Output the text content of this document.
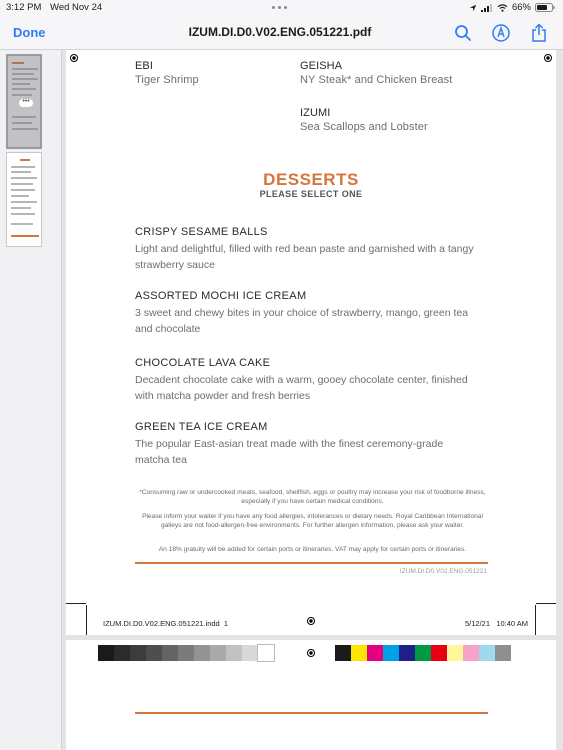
3:12 PM Wed Nov 24	66%
Done	IZUM.DI.D0.V02.ENG.051221.pdf
•••
EBI
Tiger Shrimp
GEISHA
NY Steak* and Chicken Breast
IZUMI
Sea Scallops and Lobster
DESSERTS
PLEASE SELECT ONE
CRISPY SESAME BALLS
Light and delightful, filled with red bean paste and garnished with a tangy strawberry sauce
ASSORTED MOCHI ICE CREAM
3 sweet and chewy bites in your choice of strawberry, mango, green tea and chocolate
CHOCOLATE LAVA CAKE
Decadent chocolate cake with a warm, gooey chocolate center, finished with matcha powder and fresh berries
GREEN TEA ICE CREAM
The popular East-asian treat made with the finest ceremony-grade matcha tea
*Consuming raw or undercooked meats, seafood, shellfish, eggs or poultry may increase your risk of foodborne illness, especially if you have certain medical conditions.
Please inform your waiter if you have any food allergies, intolerances or dietary needs. Royal Caribbean International galleys are not food-allergen-free environments. For further allergen information, please ask your waiter.
An 18% gratuity will be added for certain ports or itineraries. VAT may apply for certain ports or itineraries.
IZUM.DI.D0.V02.ENG.051221
IZUM.DI.D0.V02.ENG.051221.indd 1	5/12/21 10:40 AM
